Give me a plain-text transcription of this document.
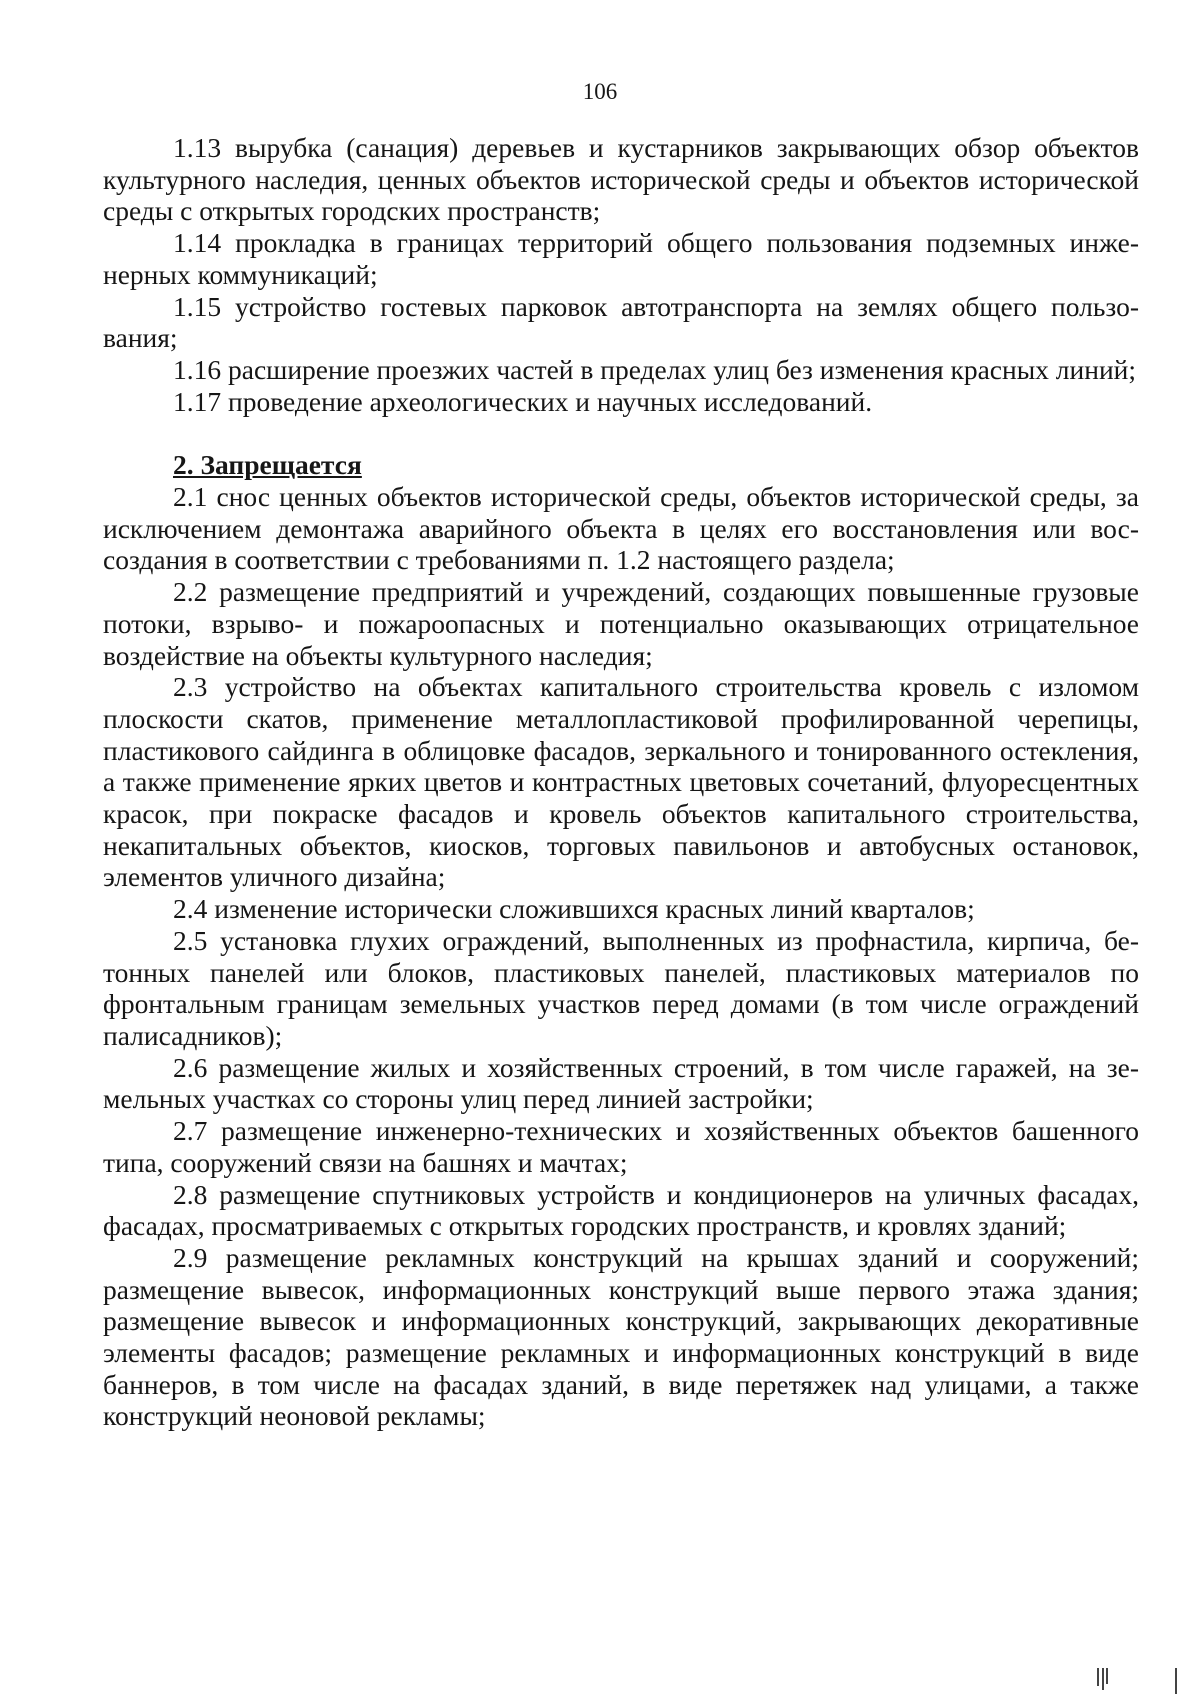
106

1.13 вырубка (санация) деревьев и кустарников закрывающих обзор объектов культурного наследия, ценных объектов исторической среды и объектов исторической среды с открытых городских пространств;

1.14 прокладка в границах территорий общего пользования подземных инженерных коммуникаций;

1.15 устройство гостевых парковок автотранспорта на землях общего пользования;

1.16 расширение проезжих частей в пределах улиц без изменения красных линий;

1.17 проведение археологических и научных исследований.

2. Запрещается

2.1 снос ценных объектов исторической среды, объектов исторической среды, за исключением демонтажа аварийного объекта в целях его восстановления или воссоздания в соответствии с требованиями п. 1.2 настоящего раздела;

2.2 размещение предприятий и учреждений, создающих повышенные грузовые потоки, взрыво- и пожароопасных и потенциально оказывающих отрицательное воздействие на объекты культурного наследия;

2.3 устройство на объектах капитального строительства кровель с изломом плоскости скатов, применение металлопластиковой профилированной черепицы, пластикового сайдинга в облицовке фасадов, зеркального и тонированного остекления, а также применение ярких цветов и контрастных цветовых сочетаний, флуоресцентных красок, при покраске фасадов и кровель объектов капитального строительства, некапитальных объектов, киосков, торговых павильонов и автобусных остановок, элементов уличного дизайна;

2.4 изменение исторически сложившихся красных линий кварталов;

2.5 установка глухих ограждений, выполненных из профнастила, кирпича, бетонных панелей или блоков, пластиковых панелей, пластиковых материалов по фронтальным границам земельных участков перед домами (в том числе ограждений палисадников);

2.6 размещение жилых и хозяйственных строений, в том числе гаражей, на земельных участках со стороны улиц перед линией застройки;

2.7 размещение инженерно-технических и хозяйственных объектов башенного типа, сооружений связи на башнях и мачтах;

2.8 размещение спутниковых устройств и кондиционеров на уличных фасадах, фасадах, просматриваемых с открытых городских пространств, и кровлях зданий;

2.9 размещение рекламных конструкций на крышах зданий и сооружений; размещение вывесок, информационных конструкций выше первого этажа здания; размещение вывесок и информационных конструкций, закрывающих декоративные элементы фасадов; размещение рекламных и информационных конструкций в виде баннеров, в том числе на фасадах зданий, в виде перетяжек над улицами, а также конструкций неоновой рекламы;
